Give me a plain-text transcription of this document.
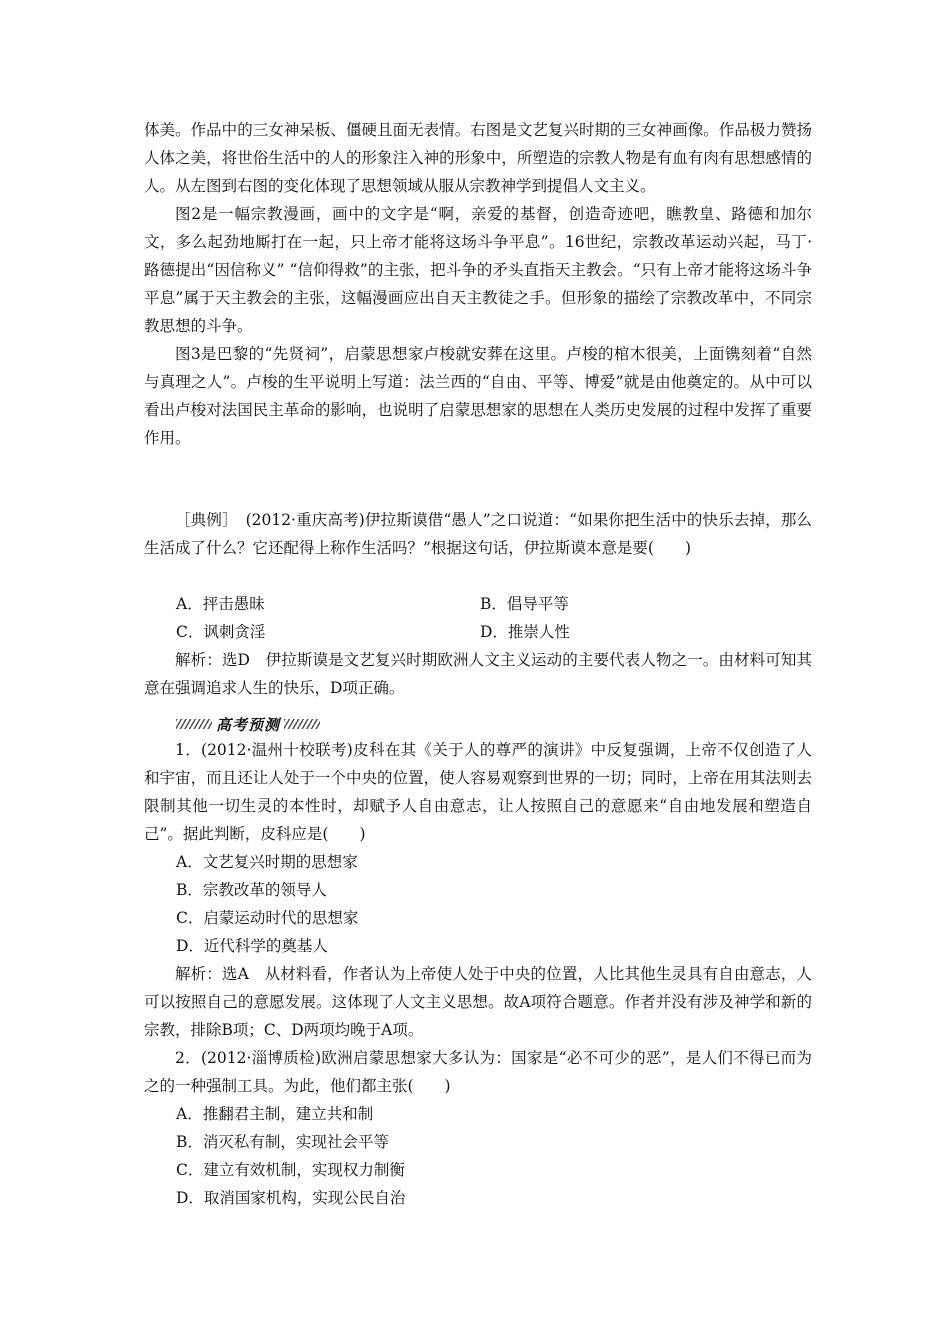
体美。作品中的三女神呆板、僵硬且面无表情。右图是文艺复兴时期的三女神画像。作品极力赞扬人体之美，将世俗生活中的人的形象注入神的形象中，所塑造的宗教人物是有血有肉有思想感情的人。从左图到右图的变化体现了思想领域从服从宗教神学到提倡人文主义。

图2是一幅宗教漫画，画中的文字是“啊，亲爱的基督，创造奇迹吧，瞧教皇、路德和加尔文，多么起劲地厮打在一起，只上帝才能将这场斗争平息”。16世纪，宗教改革运动兴起，马丁·路德提出“因信称义” “信仰得救”的主张，把斗争的矛头直指天主教会。“只有上帝才能将这场斗争平息”属于天主教会的主张，这幅漫画应出自天主教徒之手。但形象的描绘了宗教改革中，不同宗教思想的斗争。

图3是巴黎的“先贤祠”，启蒙思想家卢梭就安葬在这里。卢梭的棺木很美，上面镌刻着“自然与真理之人”。卢梭的生平说明上写道：法兰西的“自由、平等、博爱”就是由他奠定的。从中可以看出卢梭对法国民主革命的影响，也说明了启蒙思想家的思想在人类历史发展的过程中发挥了重要作用。

［典例］　(2012·重庆高考)伊拉斯谟借“愚人”之口说道：“如果你把生活中的快乐去掉，那么生活成了什么？它还配得上称作生活吗？”根据这句话，伊拉斯谟本意是要(　　)

A．抨击愚昧	B．倡导平等
C．讽刺贪淫	D．推崇人性

解析：选D　伊拉斯谟是文艺复兴时期欧洲人文主义运动的主要代表人物之一。由材料可知其意在强调追求人生的快乐，D项正确。

高考预测

1．(2012·温州十校联考)皮科在其《关于人的尊严的演讲》中反复强调，上帝不仅创造了人和宇宙，而且还让人处于一个中央的位置，使人容易观察到世界的一切；同时，上帝在用其法则去限制其他一切生灵的本性时，却赋予人自由意志，让人按照自己的意愿来“自由地发展和塑造自己”。据此判断，皮科应是(　　)

A．文艺复兴时期的思想家
B．宗教改革的领导人
C．启蒙运动时代的思想家
D．近代科学的奠基人

解析：选A　从材料看，作者认为上帝使人处于中央的位置，人比其他生灵具有自由意志，人可以按照自己的意愿发展。这体现了人文主义思想。故A项符合题意。作者并没有涉及神学和新的宗教，排除B项；C、D两项均晚于A项。

2．(2012·淄博质检)欧洲启蒙思想家大多认为：国家是“必不可少的恶”，是人们不得已而为之的一种强制工具。为此，他们都主张(　　)

A．推翻君主制，建立共和制
B．消灭私有制，实现社会平等
C．建立有效机制，实现权力制衡
D．取消国家机构，实现公民自治
